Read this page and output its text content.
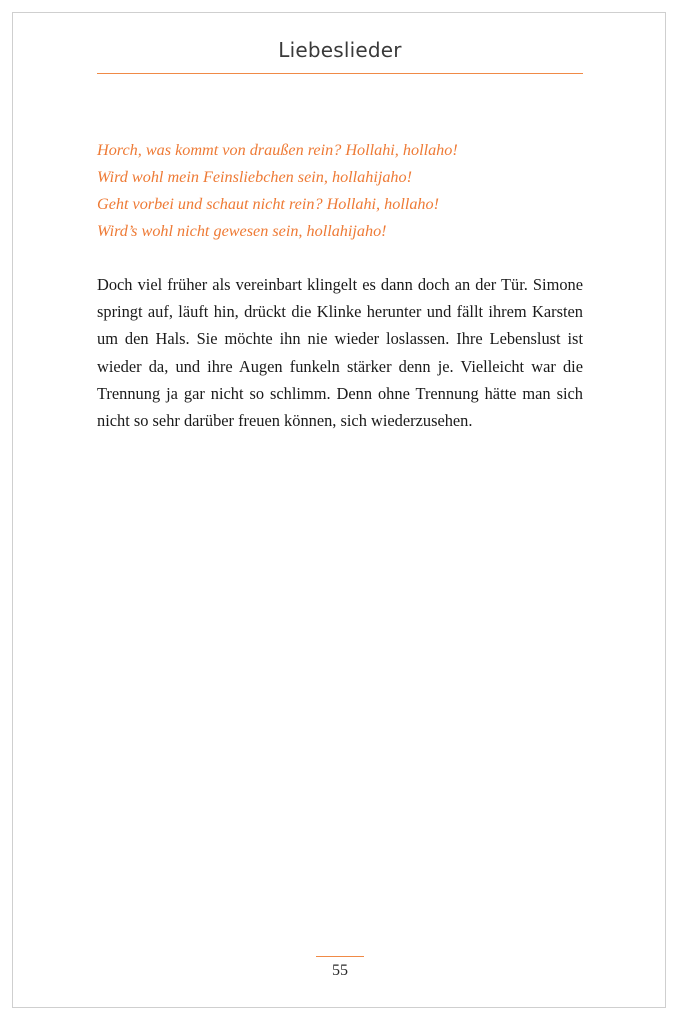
Liebeslieder
Horch, was kommt von draußen rein? Hollahi, hollaho!
Wird wohl mein Feinsliebchen sein, hollahijaho!
Geht vorbei und schaut nicht rein? Hollahi, hollaho!
Wird’s wohl nicht gewesen sein, hollahijaho!

Doch viel früher als vereinbart klingelt es dann doch an der Tür. Simone springt auf, läuft hin, drückt die Klinke herunter und fällt ihrem Karsten um den Hals. Sie möchte ihn nie wieder loslassen. Ihre Lebenslust ist wieder da, und ihre Augen funkeln stärker denn je. Vielleicht war die Trennung ja gar nicht so schlimm. Denn ohne Trennung hätte man sich nicht so sehr darüber freuen können, sich wiederzusehen.

55
